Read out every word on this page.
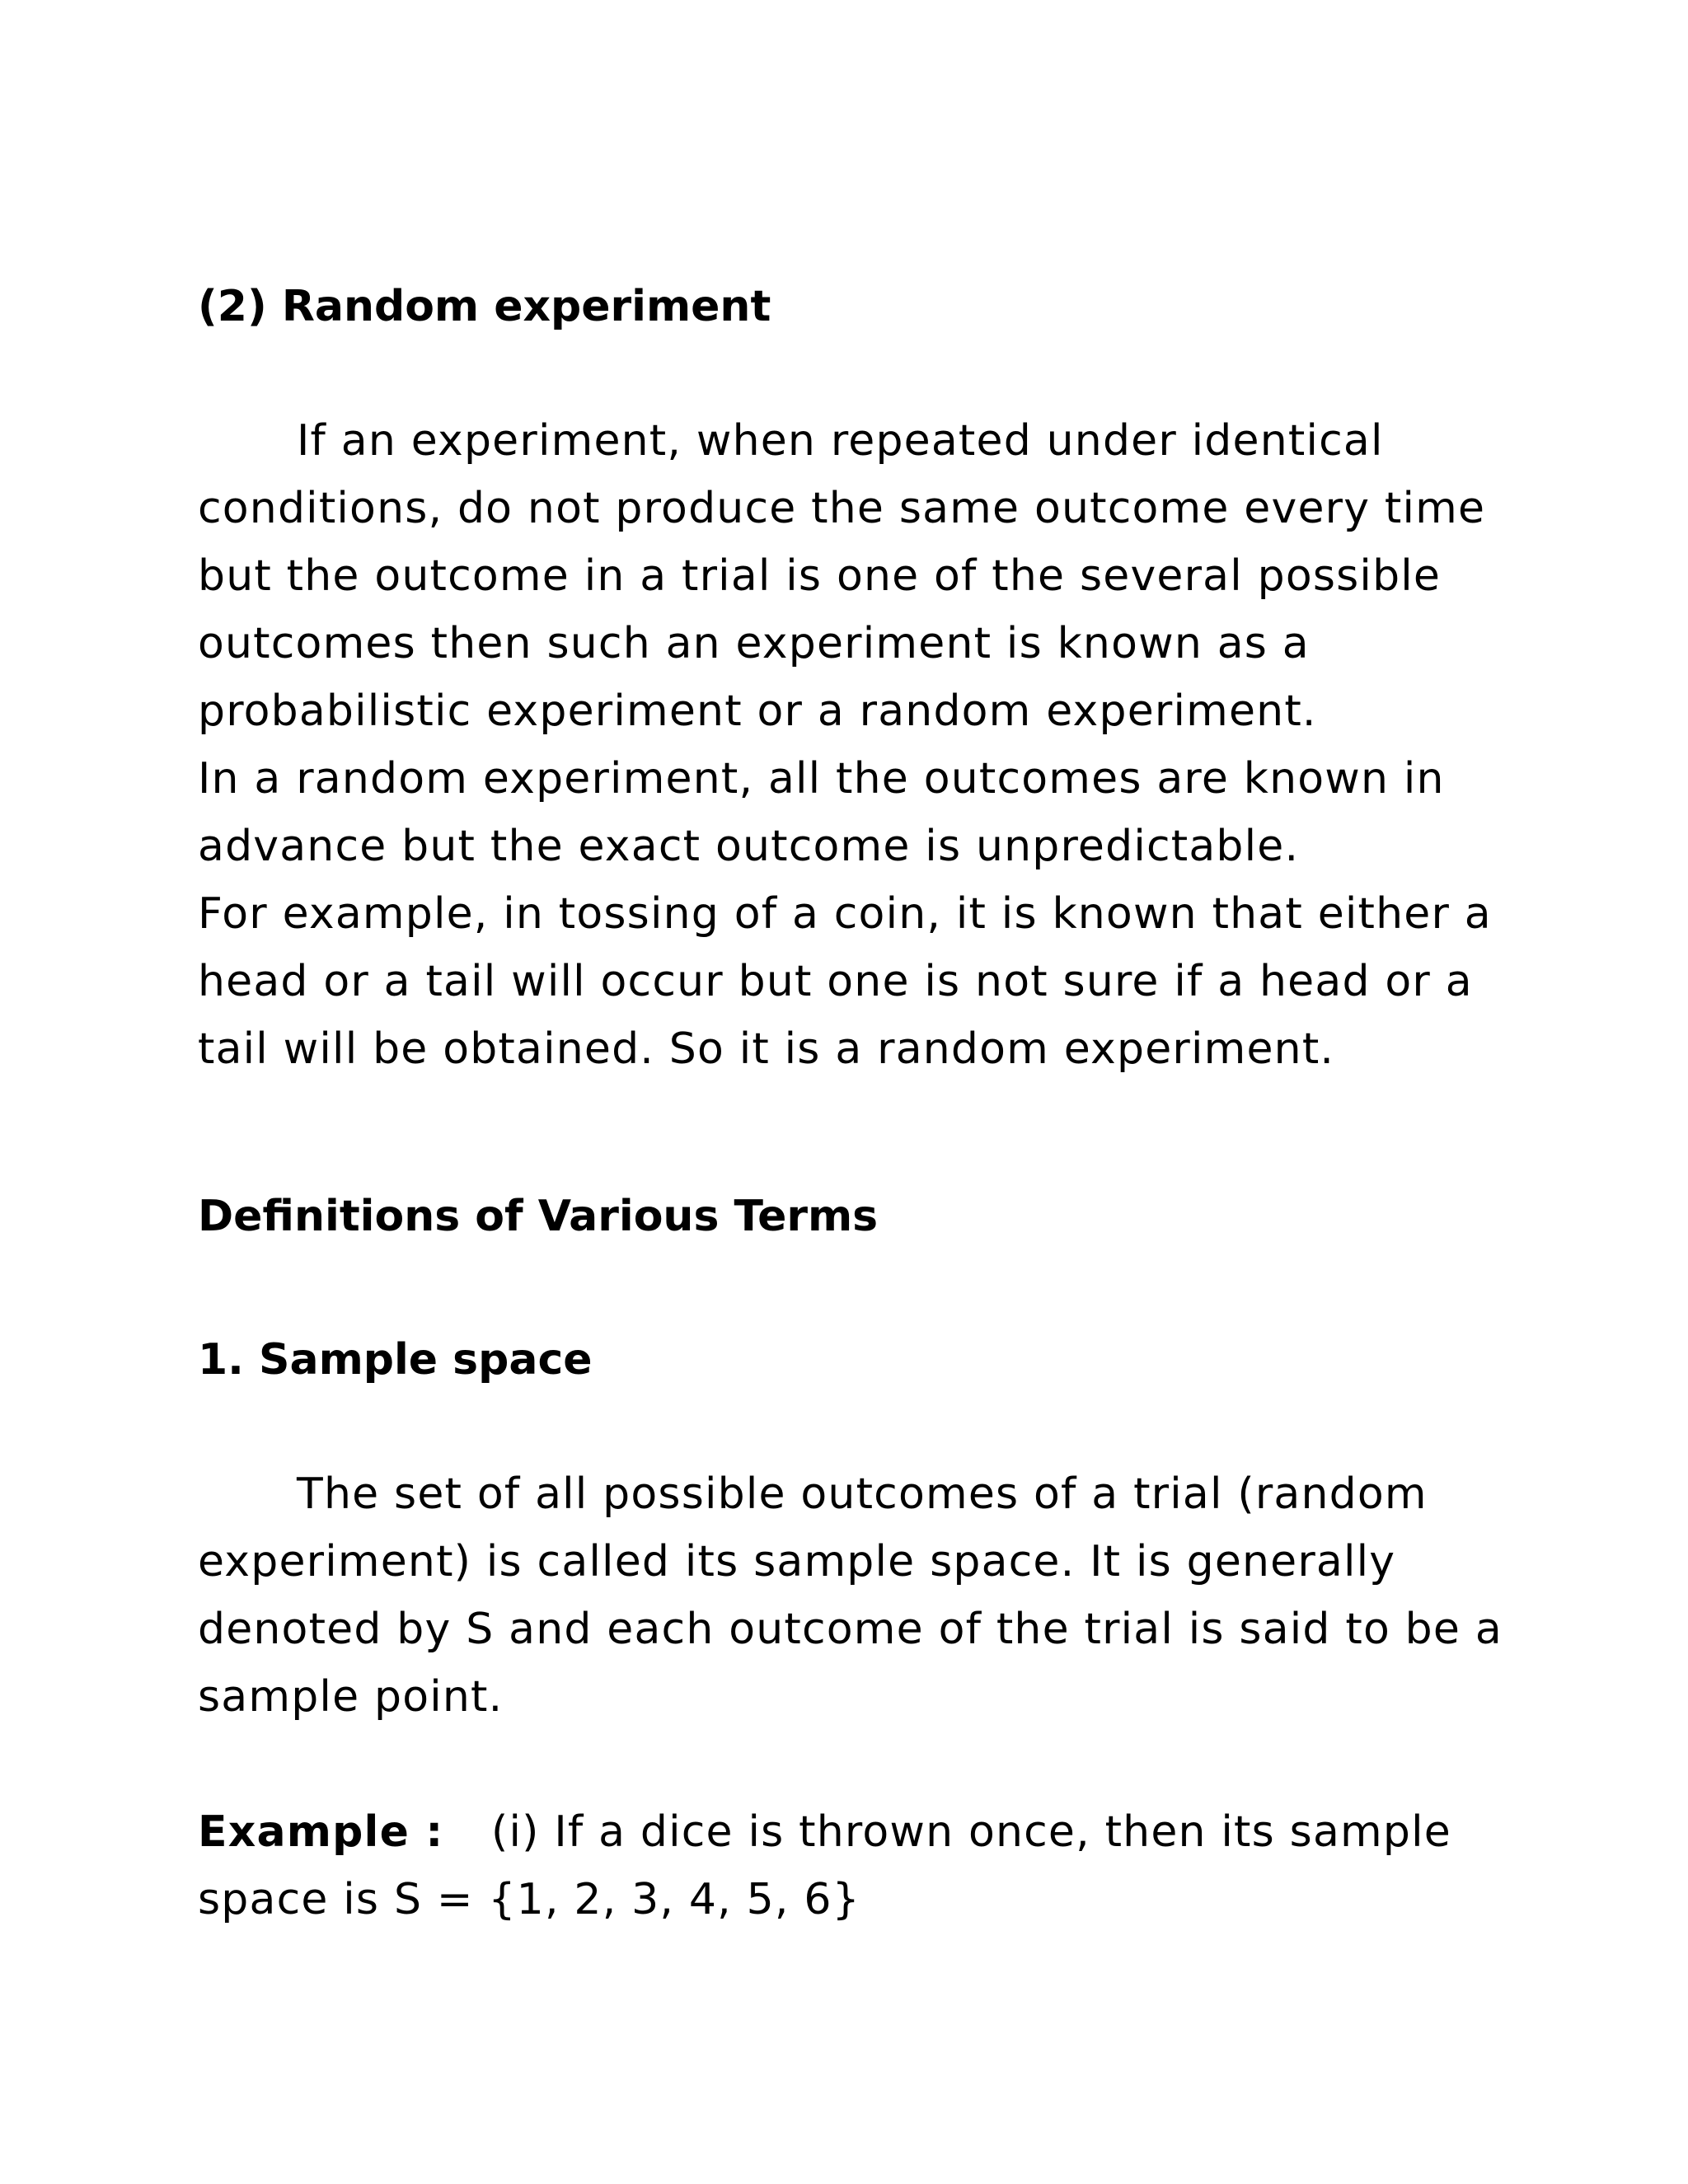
(2) Random experiment
If an experiment, when repeated under identical
conditions, do not produce the same outcome every time
but the outcome in a trial is one of the several possible
outcomes then such an experiment is known as a
probabilistic experiment or a random experiment.
In a random experiment, all the outcomes are known in
advance but the exact outcome is unpredictable.
For example, in tossing of a coin, it is known that either a
head or a tail will occur but one is not sure if a head or a
tail will be obtained. So it is a random experiment.
Definitions of Various Terms
1. Sample space
The set of all possible outcomes of a trial (random
experiment) is called its sample space. It is generally
denoted by S and each outcome of the trial is said to be a
sample point.
Example : (i) If a dice is thrown once, then its sample
space is S = {1, 2, 3, 4, 5, 6}
